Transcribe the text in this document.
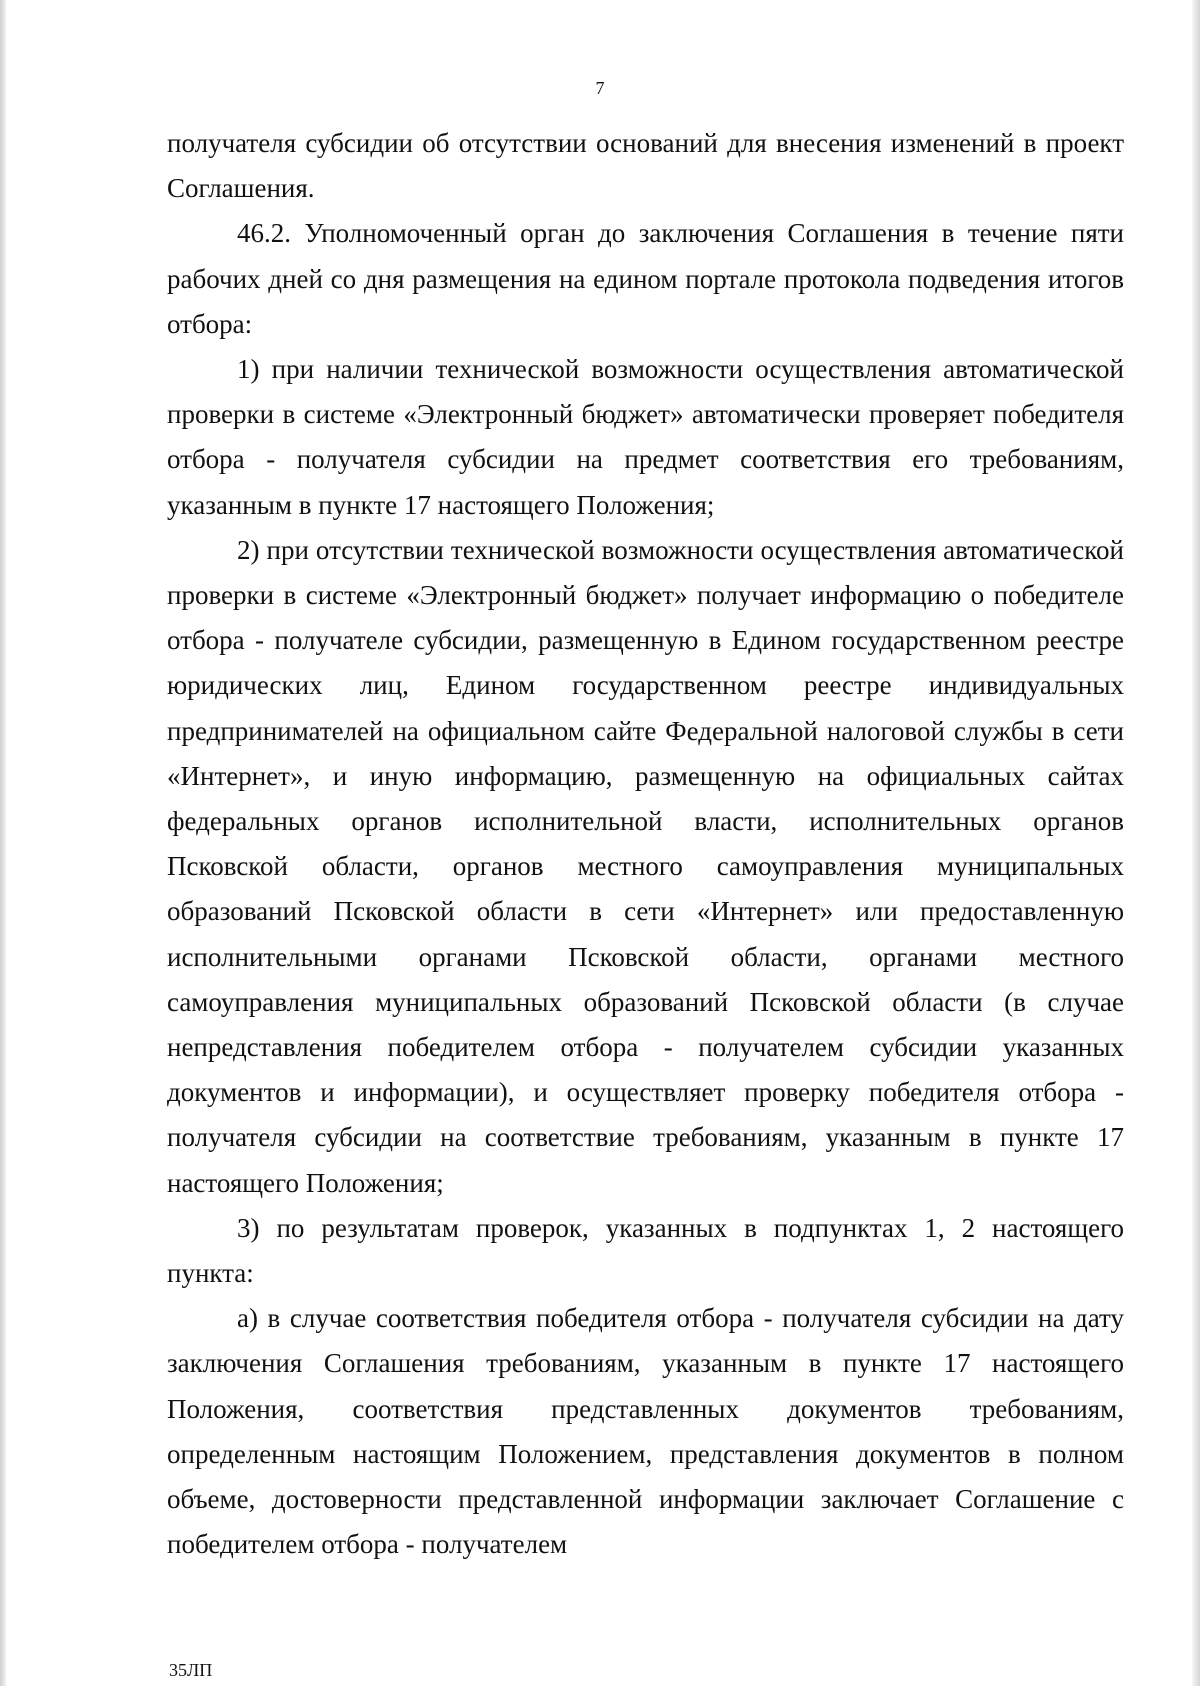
7

получателя субсидии об отсутствии оснований для внесения изменений в проект Соглашения.

46.2. Уполномоченный орган до заключения Соглашения в течение пяти рабочих дней со дня размещения на едином портале протокола подведения итогов отбора:

1) при наличии технической возможности осуществления автоматической проверки в системе «Электронный бюджет» автоматически проверяет победителя отбора - получателя субсидии на предмет соответствия его требованиям, указанным в пункте 17 настоящего Положения;

2) при отсутствии технической возможности осуществления автоматической проверки в системе «Электронный бюджет» получает информацию о победителе отбора - получателе субсидии, размещенную в Едином государственном реестре юридических лиц, Едином государственном реестре индивидуальных предпринимателей на официальном сайте Федеральной налоговой службы в сети «Интернет», и иную информацию, размещенную на официальных сайтах федеральных органов исполнительной власти, исполнительных органов Псковской области, органов местного самоуправления муниципальных образований Псковской области в сети «Интернет» или предоставленную исполнительными органами Псковской области, органами местного самоуправления муниципальных образований Псковской области (в случае непредставления победителем отбора - получателем субсидии указанных документов и информации), и осуществляет проверку победителя отбора - получателя субсидии на соответствие требованиям, указанным в пункте 17 настоящего Положения;

3) по результатам проверок, указанных в подпунктах 1, 2 настоящего пункта:

а) в случае соответствия победителя отбора - получателя субсидии на дату заключения Соглашения требованиям, указанным в пункте 17 настоящего Положения, соответствия представленных документов требованиям, определенным настоящим Положением, представления документов в полном объеме, достоверности представленной информации заключает Соглашение с победителем отбора - получателем

35ЛП
